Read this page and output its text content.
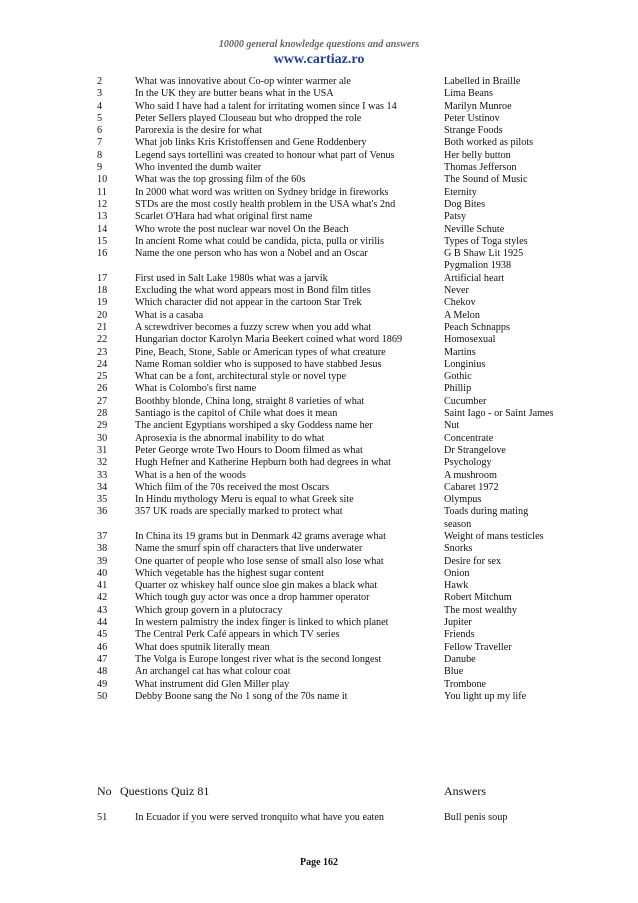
10000 general knowledge questions and answers
www.cartiaz.ro
2	What was innovative about Co-op winter warmer ale	Labelled in Braille
3	In the UK they are butter beans what in the USA	Lima Beans
4	Who said I have had a talent for irritating women since I was 14	Marilyn Munroe
5	Peter Sellers played Clouseau but who dropped the role	Peter Ustinov
6	Parorexia is the desire for what	Strange Foods
7	What job links Kris Kristoffensen and Gene Roddenbery	Both worked as pilots
8	Legend says tortellini was created to honour what part of Venus	Her belly button
9	Who invented the dumb waiter	Thomas Jefferson
10	What was the top grossing film of the 60s	The Sound of Music
11	In 2000 what word was written on Sydney bridge in fireworks	Eternity
12	STDs are the most costly health problem in the USA what's 2nd	Dog Bites
13	Scarlet O'Hara had what original first name	Patsy
14	Who wrote the post nuclear war novel On the Beach	Neville Schute
15	In ancient Rome what could be candida, picta, pulla or virilis	Types of Toga styles
16	Name the one person who has won a Nobel and an Oscar	G B Shaw Lit 1925 Pygmalion 1938
17	First used in Salt Lake 1980s what was a jarvik	Artificial heart
18	Excluding the what word appears most in Bond film titles	Never
19	Which character did not appear in the cartoon Star Trek	Chekov
20	What is a casaba	A Melon
21	A screwdriver becomes a fuzzy screw when you add what	Peach Schnapps
22	Hungarian doctor Karolyn Maria Beekert coined what word 1869	Homosexual
23	Pine, Beach, Stone, Sable or American types of what creature	Martins
24	Name Roman soldier who is supposed to have stabbed Jesus	Longinius
25	What can be a font, architectural style or novel type	Gothic
26	What is Colombo's first name	Phillip
27	Boothby blonde, China long, straight 8 varieties of what	Cucumber
28	Santiago is the capitol of Chile what does it mean	Saint Iago - or Saint James
29	The ancient Egyptians worshiped a sky Goddess name her	Nut
30	Aprosexia is the abnormal inability to do what	Concentrate
31	Peter George wrote Two Hours to Doom filmed as what	Dr Strangelove
32	Hugh Hefner and Katherine Hepburn both had degrees in what	Psychology
33	What is a hen of the woods	A mushroom
34	Which film of the 70s received the most Oscars	Cabaret 1972
35	In Hindu mythology Meru is equal to what Greek site	Olympus
36	357 UK roads are specially marked to protect what	Toads during mating season
37	In China its 19 grams but in Denmark 42 grams average what	Weight of mans testicles
38	Name the smurf spin off characters that live underwater	Snorks
39	One quarter of people who lose sense of small also lose what	Desire for sex
40	Which vegetable has the highest sugar content	Onion
41	Quarter oz whiskey half ounce sloe gin makes a black what	Hawk
42	Which tough guy actor was once a drop hammer operator	Robert Mitchum
43	Which group govern in a plutocracy	The most wealthy
44	In western palmistry the index finger is linked to which planet	Jupiter
45	The Central Perk Café appears in which TV series	Friends
46	What does sputnik literally mean	Fellow Traveller
47	The Volga is Europe longest river what is the second longest	Danube
48	An archangel cat has what colour coat	Blue
49	What instrument did Glen Miller play	Trombone
50	Debby Boone sang the No 1 song of the 70s name it	You light up my life
No Questions Quiz 81	Answers
51	In Ecuador if you were served tronquito what have you eaten	Bull penis soup
Page 162
